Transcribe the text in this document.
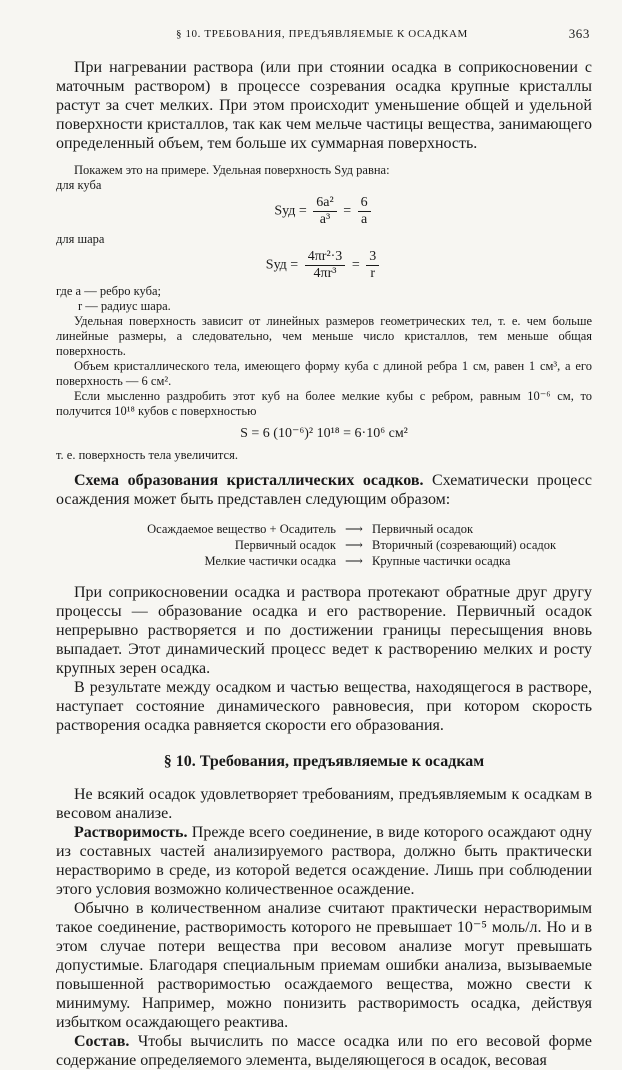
§ 10. ТРЕБОВАНИЯ, ПРЕДЪЯВЛЯЕМЫЕ К ОСАДКАМ	363

При нагревании раствора (или при стоянии осадка в соприкосновении с маточным раствором) в процессе созревания осадка крупные кристаллы растут за счет мелких. При этом происходит уменьшение общей и удельной поверхности кристаллов, так как чем мельче частицы вещества, занимающего определенный объем, тем больше их суммарная поверхность.

Покажем это на примере. Удельная поверхность Sуд равна:

для куба

Sуд = $\frac{\text{6a²}}{\text{a³}} = \frac{6}{a}$

для шара

Sуд = $\frac{\text{4πr²·3}}{\text{4πr³}} = \frac{3}{r}$

где a — ребро куба;

r — радиус шара.

Удельная поверхность зависит от линейных размеров геометрических тел, т. е. чем больше линейные размеры, а следовательно, чем меньше число кристаллов, тем меньше общая поверхность.

Объем кристаллического тела, имеющего форму куба с длиной ребра 1 см, равен 1 см³, а его поверхность — 6 см².

Если мысленно раздробить этот куб на более мелкие кубы с ребром, равным 10⁻⁶ см, то получится 10¹⁸ кубов с поверхностью

S = 6 (10⁻⁶)² 10¹⁸ = 6·10⁶ см²

т. е. поверхность тела увеличится.

Схема образования кристаллических осадков. Схематически процесс осаждения может быть представлен следующим образом:

Осаждаемое вещество + Осадитель ⟶ Первичный осадок
Первичный осадок ⟶ Вторичный (созревающий) осадок
Мелкие частички осадка ⟶ Крупные частички осадка

При соприкосновении осадка и раствора протекают обратные друг другу процессы — образование осадка и его растворение. Первичный осадок непрерывно растворяется и по достижении границы пересыщения вновь выпадает. Этот динамический процесс ведет к растворению мелких и росту крупных зерен осадка.

В результате между осадком и частью вещества, находящегося в растворе, наступает состояние динамического равновесия, при котором скорость растворения осадка равняется скорости его образования.

§ 10. Требования, предъявляемые к осадкам

Не всякий осадок удовлетворяет требованиям, предъявляемым к осадкам в весовом анализе.

Растворимость. Прежде всего соединение, в виде которого осаждают одну из составных частей анализируемого раствора, должно быть практически нерастворимо в среде, из которой ведется осаждение. Лишь при соблюдении этого условия возможно количественное осаждение.

Обычно в количественном анализе считают практически нерастворимым такое соединение, растворимость которого не превышает 10⁻⁵ моль/л. Но и в этом случае потери вещества при весовом анализе могут превышать допустимые. Благодаря специальным приемам ошибки анализа, вызываемые повышенной растворимостью осаждаемого вещества, можно свести к минимуму. Например, можно понизить растворимость осадка, действуя избытком осаждающего реактива.

Состав. Чтобы вычислить по массе осадка или по его весовой форме содержание определяемого элемента, выделяющегося в осадок, весовая
